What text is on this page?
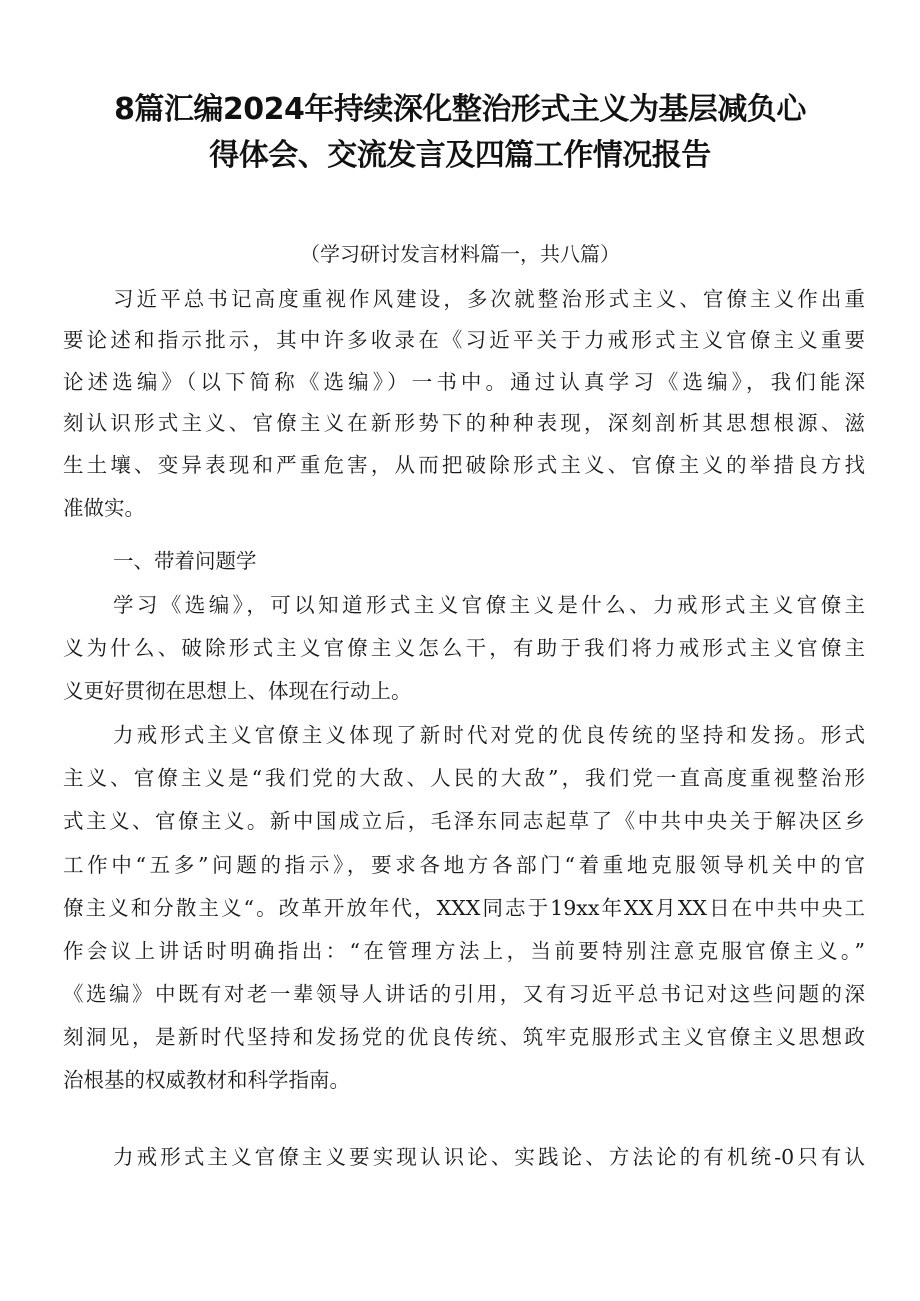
8篇汇编2024年持续深化整治形式主义为基层减负心
得体会、交流发言及四篇工作情况报告
（学习研讨发言材料篇一，共八篇）
习近平总书记高度重视作风建设，多次就整治形式主义、官僚主义作出重
要论述和指示批示，其中许多收录在《习近平关于力戒形式主义官僚主义重要
论述选编》（以下简称《选编》）一书中。通过认真学习《选编》，我们能深
刻认识形式主义、官僚主义在新形势下的种种表现，深刻剖析其思想根源、滋
生土壤、变异表现和严重危害，从而把破除形式主义、官僚主义的举措良方找
准做实。
一、带着问题学
学习《选编》，可以知道形式主义官僚主义是什么、力戒形式主义官僚主
义为什么、破除形式主义官僚主义怎么干，有助于我们将力戒形式主义官僚主
义更好贯彻在思想上、体现在行动上。
力戒形式主义官僚主义体现了新时代对党的优良传统的坚持和发扬。形式
主义、官僚主义是“我们党的大敌、人民的大敌”，我们党一直高度重视整治形
式主义、官僚主义。新中国成立后，毛泽东同志起草了《中共中央关于解决区乡
工作中“五多”问题的指示》，要求各地方各部门“着重地克服领导机关中的官
僚主义和分散主义“。改革开放年代，XXX同志于19xx年XX月XX日在中共中央工
作会议上讲话时明确指出：“在管理方法上，当前要特别注意克服官僚主义。”
《选编》中既有对老一辈领导人讲话的引用，又有习近平总书记对这些问题的深
刻洞见，是新时代坚持和发扬党的优良传统、筑牢克服形式主义官僚主义思想政
治根基的权威教材和科学指南。
力戒形式主义官僚主义要实现认识论、实践论、方法论的有机统-0只有认
